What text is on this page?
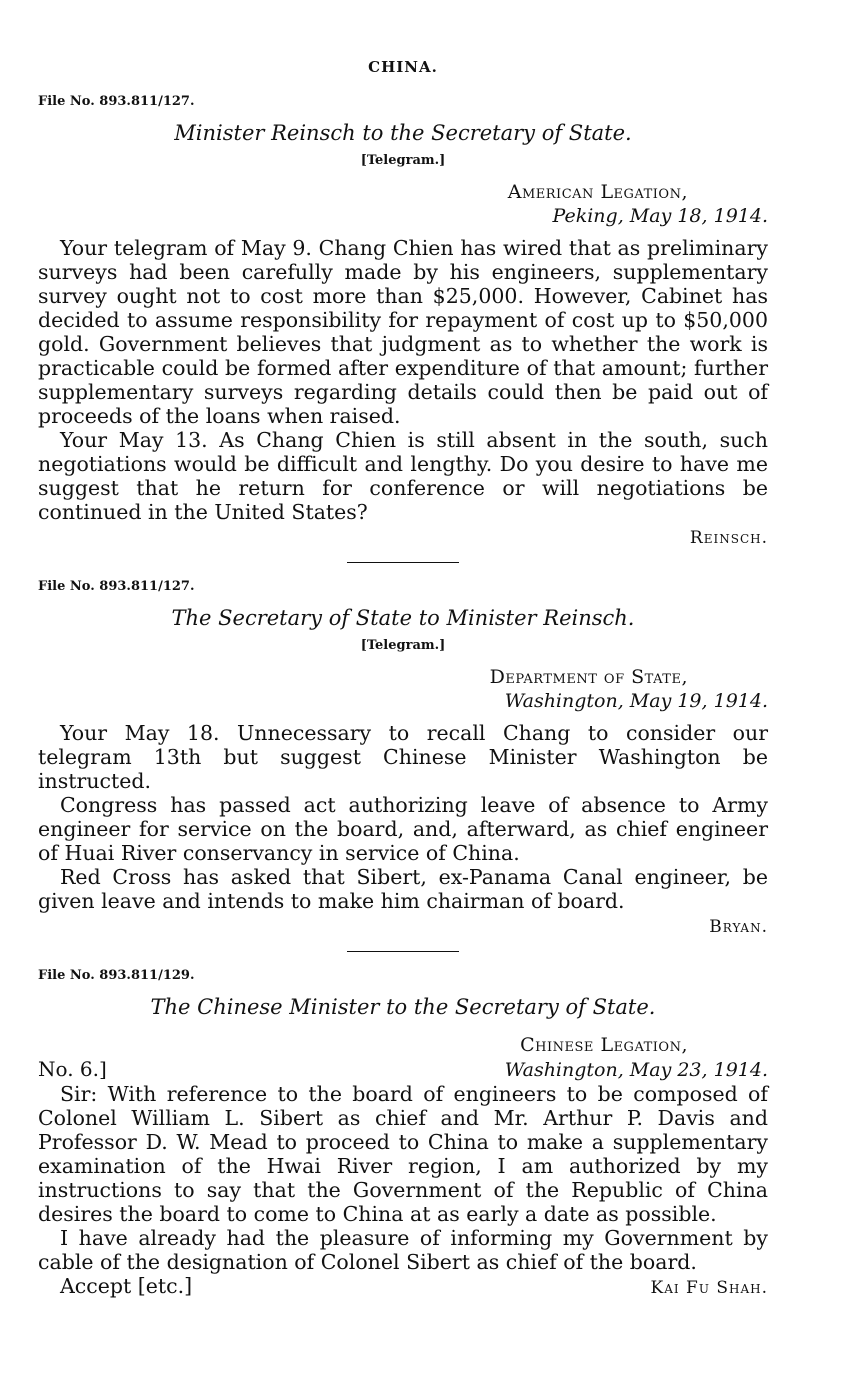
CHINA.
File No. 893.811/127.
Minister Reinsch to the Secretary of State.
[Telegram.]
American Legation,
Peking, May 18, 1914.

Your telegram of May 9. Chang Chien has wired that as preliminary surveys had been carefully made by his engineers, supplementary survey ought not to cost more than $25,000. However, Cabinet has decided to assume responsibility for repayment of cost up to $50,000 gold. Government believes that judgment as to whether the work is practicable could be formed after expenditure of that amount; further supplementary surveys regarding details could then be paid out of proceeds of the loans when raised.

Your May 13. As Chang Chien is still absent in the south, such negotiations would be difficult and lengthy. Do you desire to have me suggest that he return for conference or will negotiations be continued in the United States?

Reinsch.
File No. 893.811/127.
The Secretary of State to Minister Reinsch.
[Telegram.]
Department of State,
Washington, May 19, 1914.

Your May 18. Unnecessary to recall Chang to consider our telegram 13th but suggest Chinese Minister Washington be instructed.

Congress has passed act authorizing leave of absence to Army engineer for service on the board, and, afterward, as chief engineer of Huai River conservancy in service of China.

Red Cross has asked that Sibert, ex-Panama Canal engineer, be given leave and intends to make him chairman of board.

Bryan.
File No. 893.811/129.
The Chinese Minister to the Secretary of State.
Chinese Legation,
No. 6.]	Washington, May 23, 1914.

Sir: With reference to the board of engineers to be composed of Colonel William L. Sibert as chief and Mr. Arthur P. Davis and Professor D. W. Mead to proceed to China to make a supplementary examination of the Hwai River region, I am authorized by my instructions to say that the Government of the Republic of China desires the board to come to China at as early a date as possible.

I have already had the pleasure of informing my Government by cable of the designation of Colonel Sibert as chief of the board.

Accept [etc.]	Kai Fu Shah.
